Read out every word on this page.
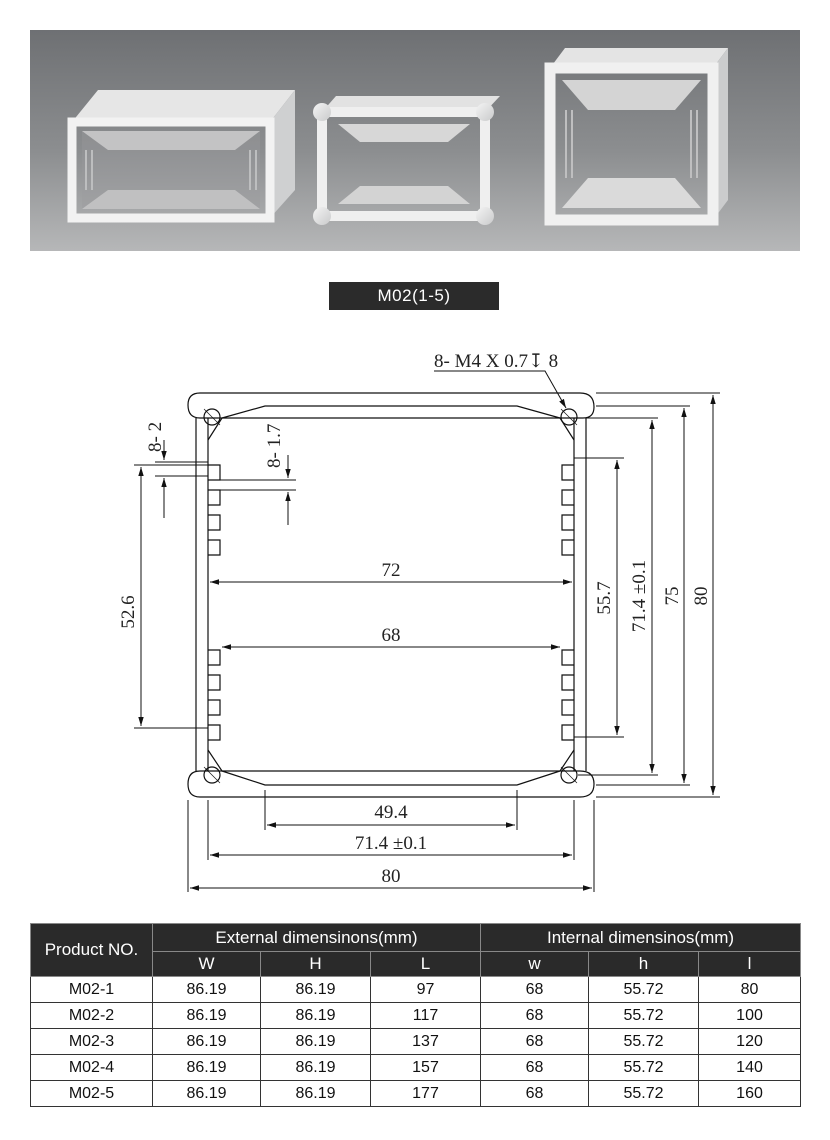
M02(1-5)
8- M4 X 0.7↧ 8
8- 2	8- 1.7
52.6
72
68
55.7 71.4 ±0.1 75 80
49.4
71.4 ±0.1
80
Product NO.	External dimensinons(mm)			Internal dimensinos(mm)		
	W	H	L	w	h	l
M02-1	86.19	86.19	97	68	55.72	80
M02-2	86.19	86.19	117	68	55.72	100
M02-3	86.19	86.19	137	68	55.72	120
M02-4	86.19	86.19	157	68	55.72	140
M02-5	86.19	86.19	177	68	55.72	160
